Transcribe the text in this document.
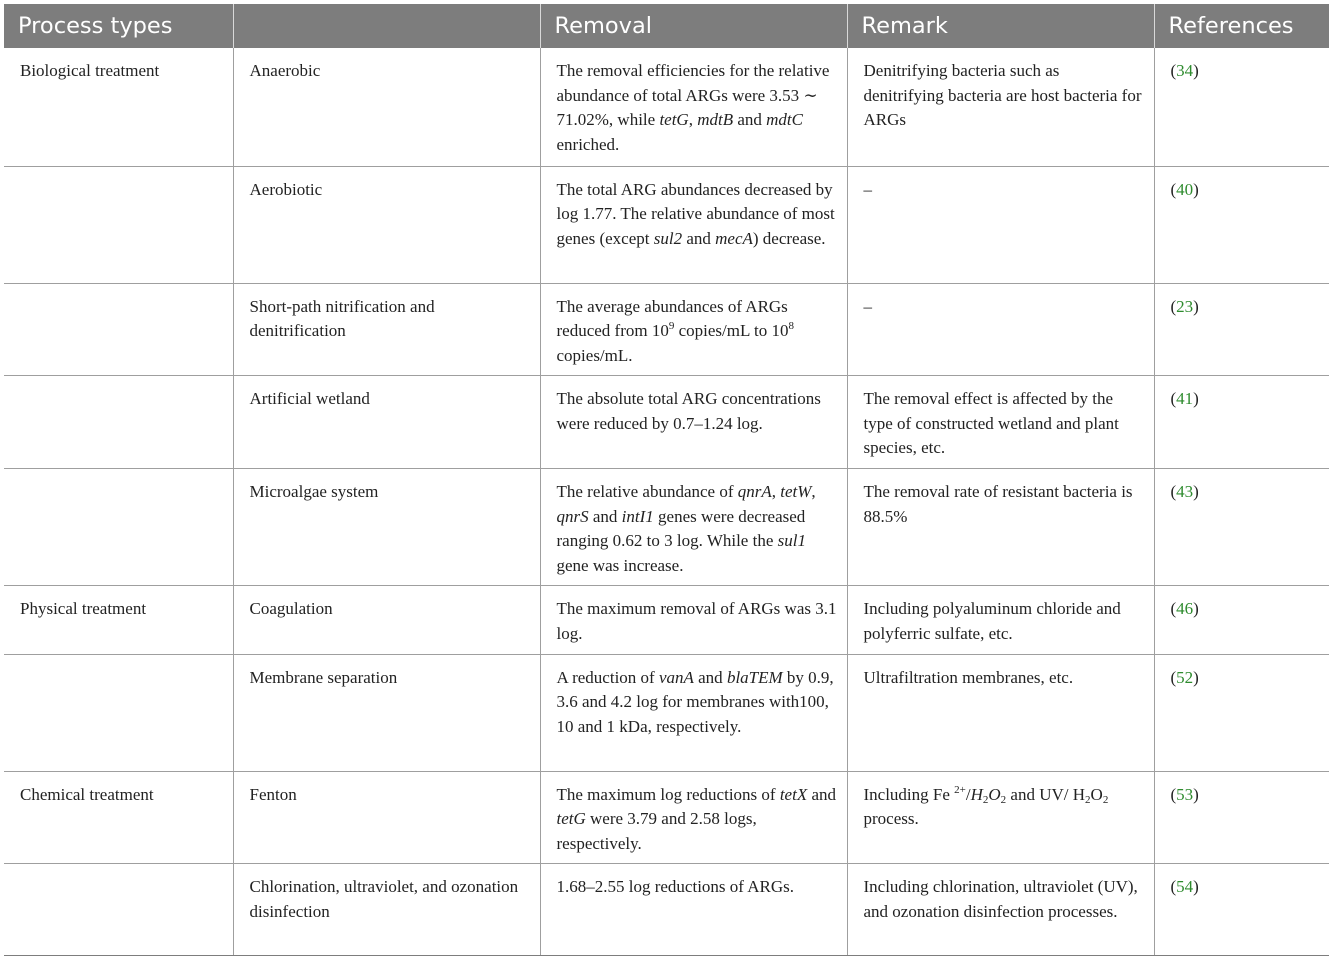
Process types		Removal	Remark	References
Biological treatment	Anaerobic	The removal efficiencies for the relative abundance of total ARGs were 3.53 ∼ 71.02%, while tetG, mdtB and mdtC enriched.	Denitrifying bacteria such as denitrifying bacteria are host bacteria for ARGs	(34)
	Aerobiotic	The total ARG abundances decreased by log 1.77. The relative abundance of most genes (except sul2 and mecA) decrease.	–	(40)
	Short-path nitrification and denitrification	The average abundances of ARGs reduced from $10^9$ copies/mL to $10^8$ copies/mL.	–	(23)
	Artificial wetland	The absolute total ARG concentrations were reduced by 0.7–1.24 log.	The removal effect is affected by the type of constructed wetland and plant species, etc.	(41)
	Microalgae system	The relative abundance of qnrA, tetW, qnrS and intI1 genes were decreased ranging 0.62 to 3 log. While the sul1 gene was increase.	The removal rate of resistant bacteria is 88.5%	(43)
Physical treatment	Coagulation	The maximum removal of ARGs was 3.1 log.	Including polyaluminum chloride and polyferric sulfate, etc.	(46)
	Membrane separation	A reduction of vanA and blaTEM by 0.9, 3.6 and 4.2 log for membranes with100, 10 and 1 kDa, respectively.	Ultrafiltration membranes, etc.	(52)
Chemical treatment	Fenton	The maximum log reductions of tetX and tetG were 3.79 and 2.58 logs, respectively.	Including Fe $^{2+}/H_2O_2$ and UV/ $H_2O_2$ process.	(53)
	Chlorination, ultraviolet, and ozonation disinfection	1.68–2.55 log reductions of ARGs.	Including chlorination, ultraviolet (UV), and ozonation disinfection processes.	(54)
